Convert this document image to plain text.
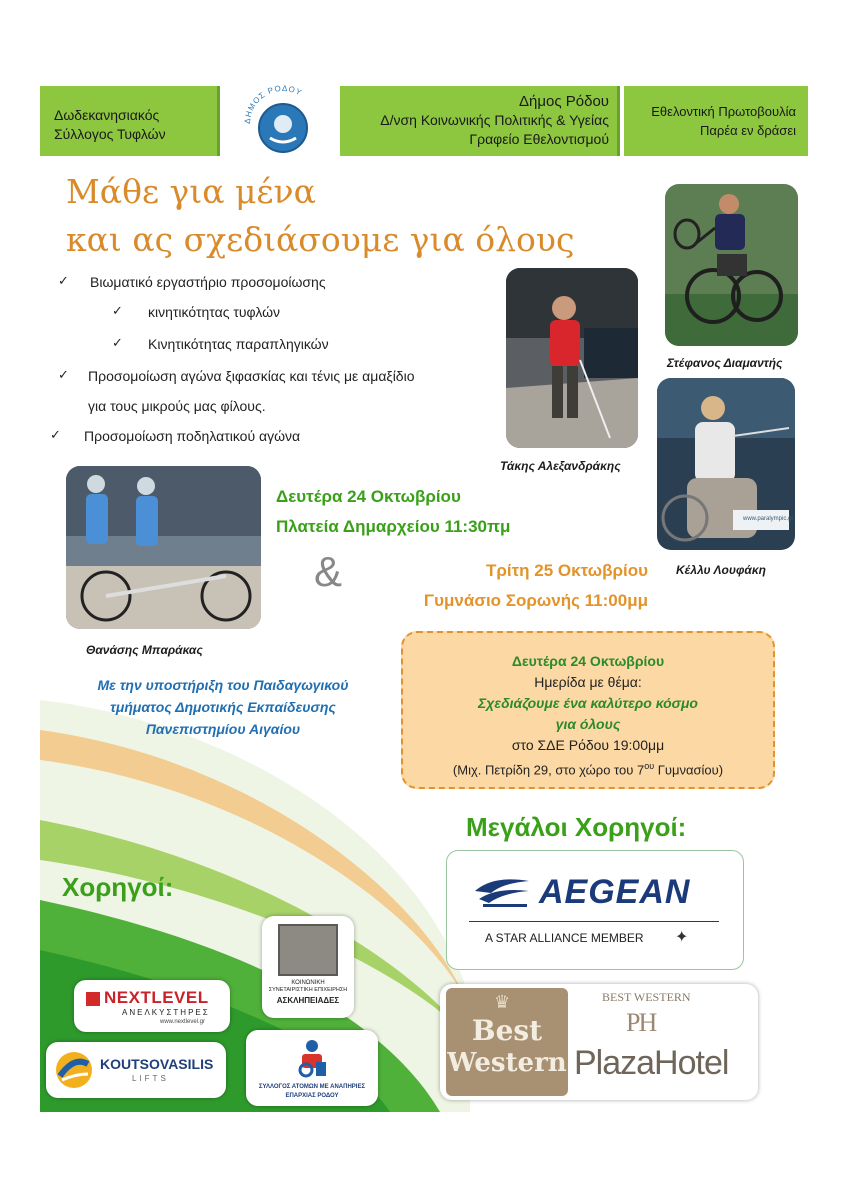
Δωδεκανησιακός
Σύλλογος Τυφλών
ΔΗΜΟΣ ΡΟΔΟΥ
Δήμος Ρόδου
Δ/νση Κοινωνικής Πολιτικής & Υγείας
Γραφείο Εθελοντισμού
Εθελοντική Πρωτοβουλία
Παρέα εν δράσει
Μάθε για μένα
και ας σχεδιάσουμε για όλους
✓ Βιωματικό εργαστήριο προσομοίωσης
✓ κινητικότητας τυφλών
✓ Κινητικότητας παραπληγικών
✓ Προσομοίωση αγώνα ξιφασκίας και τένις με αμαξίδιο
για τους μικρούς μας φίλους.
✓ Προσομοίωση ποδηλατικού αγώνα
Τάκης Αλεξανδράκης
Στέφανος Διαμαντής
www.paralympic.gr
Κέλλυ Λουφάκη
Θανάσης Μπαράκας
Δευτέρα 24 Οκτωβρίου
Πλατεία Δημαρχείου 11:30πμ
&	Τρίτη 25 Οκτωβρίου
Γυμνάσιο Σορωνής 11:00μμ
Με την υποστήριξη του Παιδαγωγικού
τμήματος Δημοτικής Εκπαίδευσης
Πανεπιστημίου Αιγαίου
Δευτέρα 24 Οκτωβρίου
Ημερίδα με θέμα:
Σχεδιάζουμε ένα καλύτερο κόσμο
για όλους
στο ΣΔΕ Ρόδου 19:00μμ
(Μιχ. Πετρίδη 29, στο χώρο του $7^{o\upsilon}$ Γυμνασίου)
Μεγάλοι Χορηγοί:
AEGEAN
A STAR ALLIANCE MEMBER ✦
♛
Best
Western
BEST WESTERN
PH
PlazaHotel
Χορηγοί:
NEXTLEVEL
ΑΝΕΛΚΥΣΤΗΡΕΣ
www.nextlevel.gr
KOUTSOVASILIS
LIFTS
ΚΟΙΝΩΝΙΚΗ
ΣΥΝΕΤΑΙΡΙΣΤΙΚΗ ΕΠΙΧΕΙΡΗΣΗ
ΑΣΚΛΗΠΕΙΑΔΕΣ
ΣΥΛΛΟΓΟΣ ΑΤΟΜΩΝ ΜΕ ΑΝΑΠΗΡΙΕΣ
ΕΠΑΡΧΙΑΣ ΡΟΔΟΥ
